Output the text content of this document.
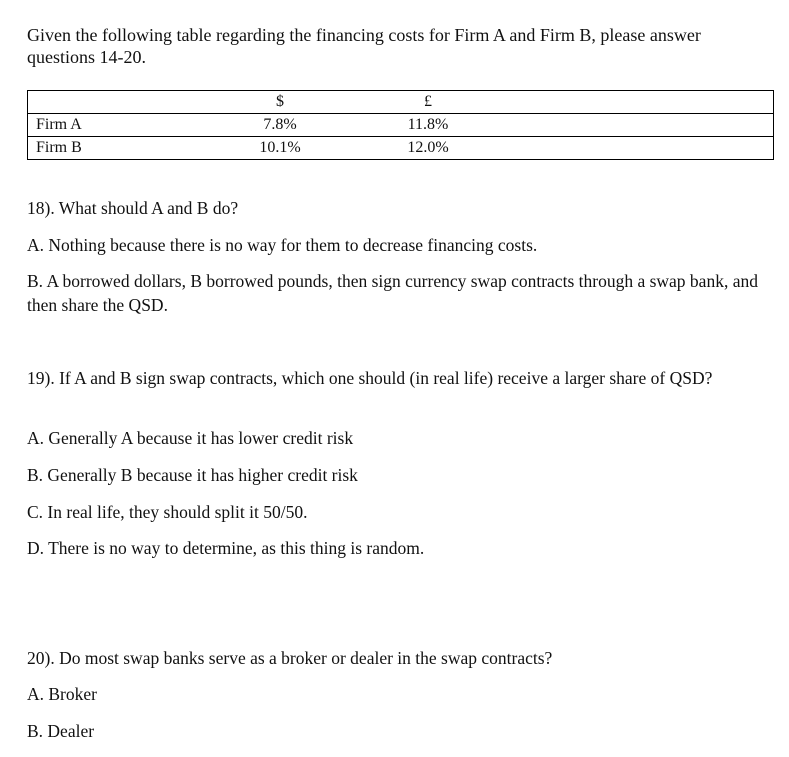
Given the following table regarding the financing costs for Firm A and Firm B, please answer questions 14-20.

	$	£	
Firm A	7.8%	11.8%	
Firm B	10.1%	12.0%	

18). What should A and B do?

A. Nothing because there is no way for them to decrease financing costs.

B. A borrowed dollars, B borrowed pounds, then sign currency swap contracts through a swap bank, and then share the QSD.

19). If A and B sign swap contracts, which one should (in real life) receive a larger share of QSD?

A. Generally A because it has lower credit risk

B. Generally B because it has higher credit risk

C. In real life, they should split it 50/50.

D. There is no way to determine, as this thing is random.

20). Do most swap banks serve as a broker or dealer in the swap contracts?

A. Broker

B. Dealer
